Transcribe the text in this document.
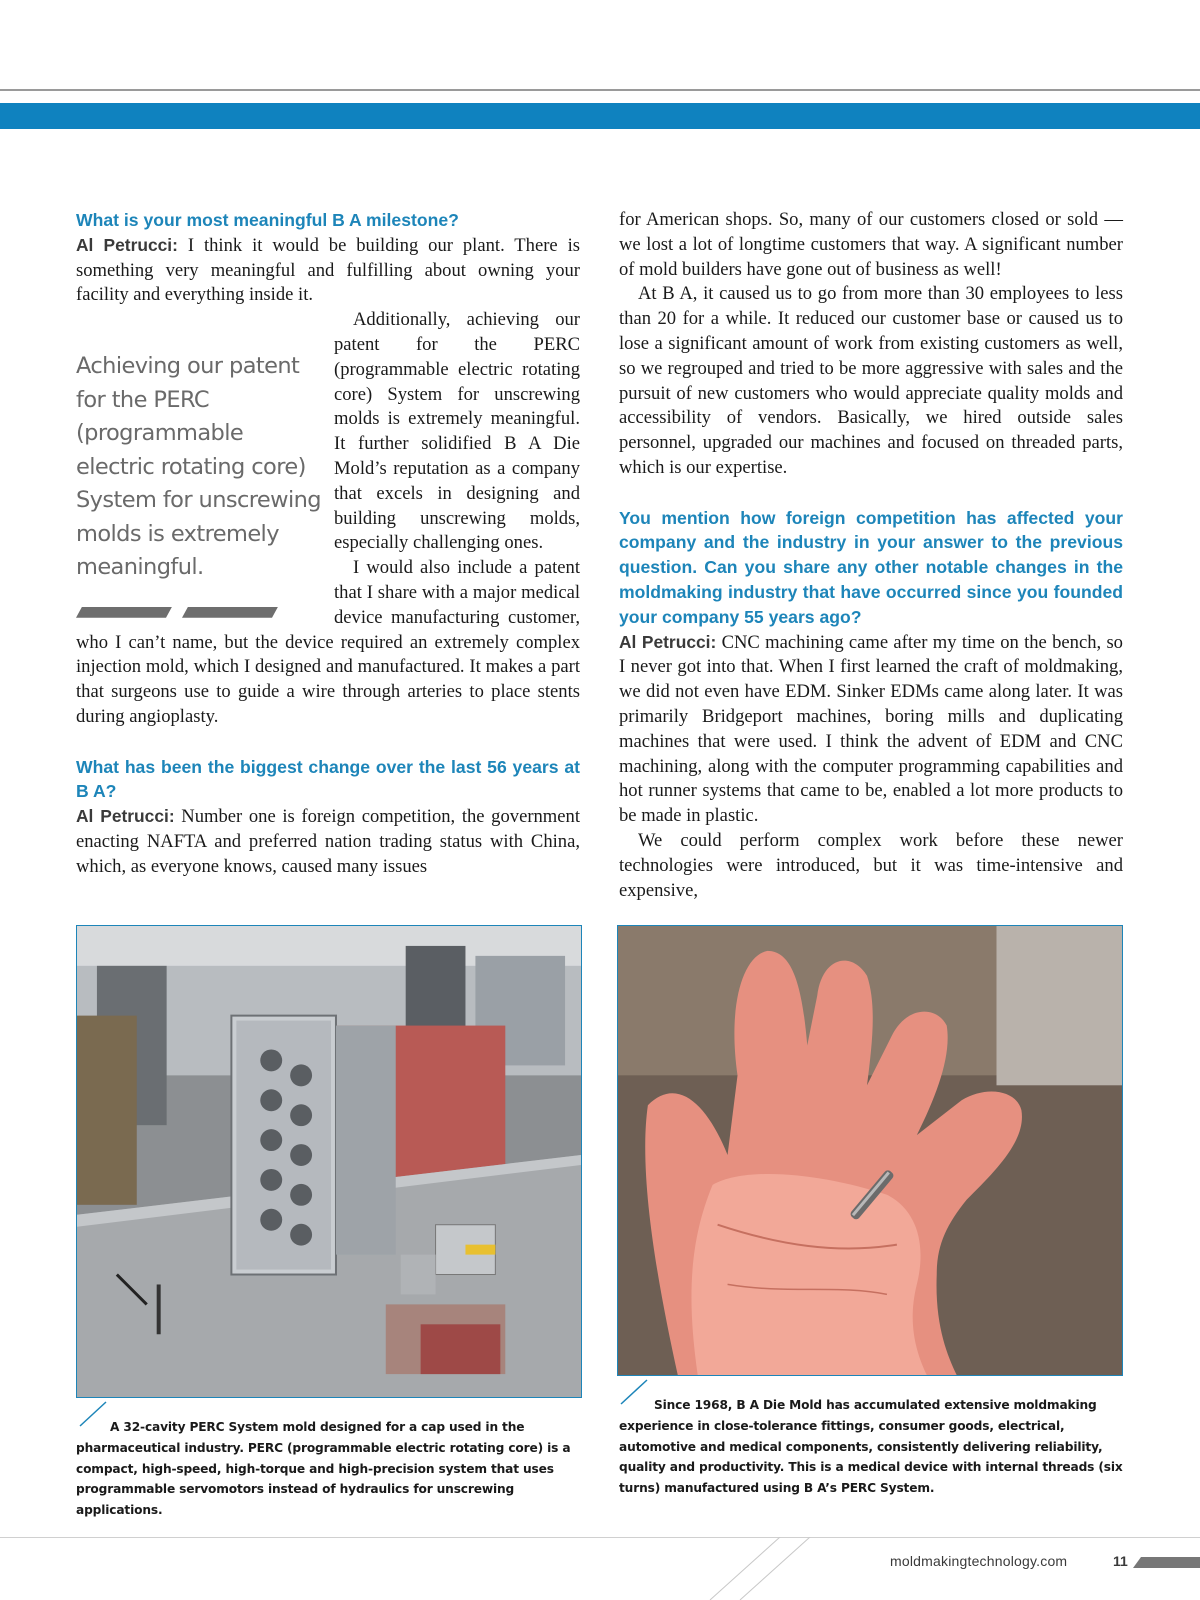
What is your most meaningful B A milestone?

Al Petrucci: I think it would be building our plant. There is something very meaningful and fulfilling about owning your facility and everything inside it.

Achieving our patent for the PERC (programmable electric rotating core) System for unscrewing molds is extremely meaningful.

Additionally, achieving our patent for the PERC (programmable electric rotating core) System for unscrewing molds is extremely meaningful. It further solidified B A Die Mold’s reputation as a company that excels in designing and building unscrewing molds, especially challenging ones.

I would also include a patent that I share with a major medical device manufacturing customer, who I can’t name, but the device required an extremely complex injection mold, which I designed and manufactured. It makes a part that surgeons use to guide a wire through arteries to place stents during angioplasty.

What has been the biggest change over the last 56 years at B A?

Al Petrucci: Number one is foreign competition, the government enacting NAFTA and preferred nation trading status with China, which, as everyone knows, caused many issues

for American shops. So, many of our customers closed or sold — we lost a lot of longtime customers that way. A significant number of mold builders have gone out of business as well!

At B A, it caused us to go from more than 30 employees to less than 20 for a while. It reduced our customer base or caused us to lose a significant amount of work from existing customers as well, so we regrouped and tried to be more aggressive with sales and the pursuit of new customers who would appreciate quality molds and accessibility of vendors. Basically, we hired outside sales personnel, upgraded our machines and focused on threaded parts, which is our expertise.

You mention how foreign competition has affected your company and the industry in your answer to the previous question. Can you share any other notable changes in the moldmaking industry that have occurred since you founded your company 55 years ago?

Al Petrucci: CNC machining came after my time on the bench, so I never got into that. When I first learned the craft of moldmaking, we did not even have EDM. Sinker EDMs came along later. It was primarily Bridgeport machines, boring mills and duplicating machines that were used. I think the advent of EDM and CNC machining, along with the computer programming capabilities and hot runner systems that came to be, enabled a lot more products to be made in plastic.

We could perform complex work before these newer technologies were introduced, but it was time-intensive and expensive,

A 32-cavity PERC System mold designed for a cap used in the pharmaceutical industry. PERC (programmable electric rotating core) is a compact, high-speed, high-torque and high-precision system that uses programmable servomotors instead of hydraulics for unscrewing applications.
Since 1968, B A Die Mold has accumulated extensive moldmaking experience in close-tolerance fittings, consumer goods, electrical, automotive and medical components, consistently delivering reliability, quality and productivity. This is a medical device with internal threads (six turns) manufactured using B A’s PERC System.
moldmakingtechnology.com	11
